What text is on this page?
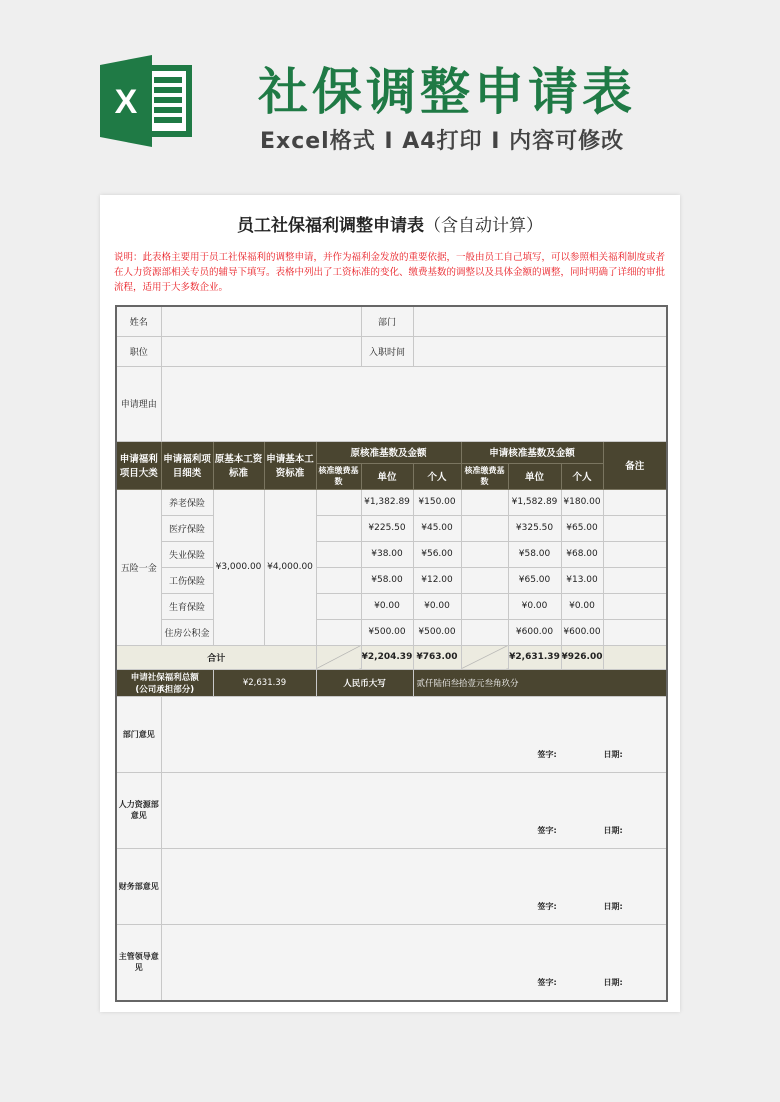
X 社保调整申请表
Excel格式 I A4打印 I 内容可修改
员工社保福利调整申请表（含自动计算）
说明：此表格主要用于员工社保福利的调整申请，并作为福利金发放的重要依据，一般由员工自己填写，可以参照相关福利制度或者在人力资源部相关专员的辅导下填写。表格中列出了工资标准的变化、缴费基数的调整以及具体金额的调整，同时明确了详细的审批流程，适用于大多数企业。
姓名					部门					
职位					入职时间					
申请理由										
申请福利项目大类	申请福利项目细类	原基本工资标准	申请基本工资标准	原核准基数及金额			申请核准基数及金额			备注
				核准缴费基数	单位	个人	核准缴费基数	单位	个人	
五险一金	养老保险	¥3,000.00	¥4,000.00		¥1,382.89	¥150.00		¥1,582.89	¥180.00	
	医疗保险				¥225.50	¥45.00		¥325.50	¥65.00	
	失业保险				¥38.00	¥56.00		¥58.00	¥68.00	
	工伤保险				¥58.00	¥12.00		¥65.00	¥13.00	
	生育保险				¥0.00	¥0.00		¥0.00	¥0.00	
	住房公积金				¥500.00	¥500.00		¥600.00	¥600.00	
合计					¥2,204.39	¥763.00		¥2,631.39	¥926.00	
申请社保福利总额
(公司承担部分)		¥2,631.39		人民币大写		贰仟陆佰叁拾壹元叁角玖分				
部门意见	签字: 日期:									

人力资源部意见	签字: 日期:									

财务部意见	签字: 日期:									

主管领导意见	签字: 日期:									
